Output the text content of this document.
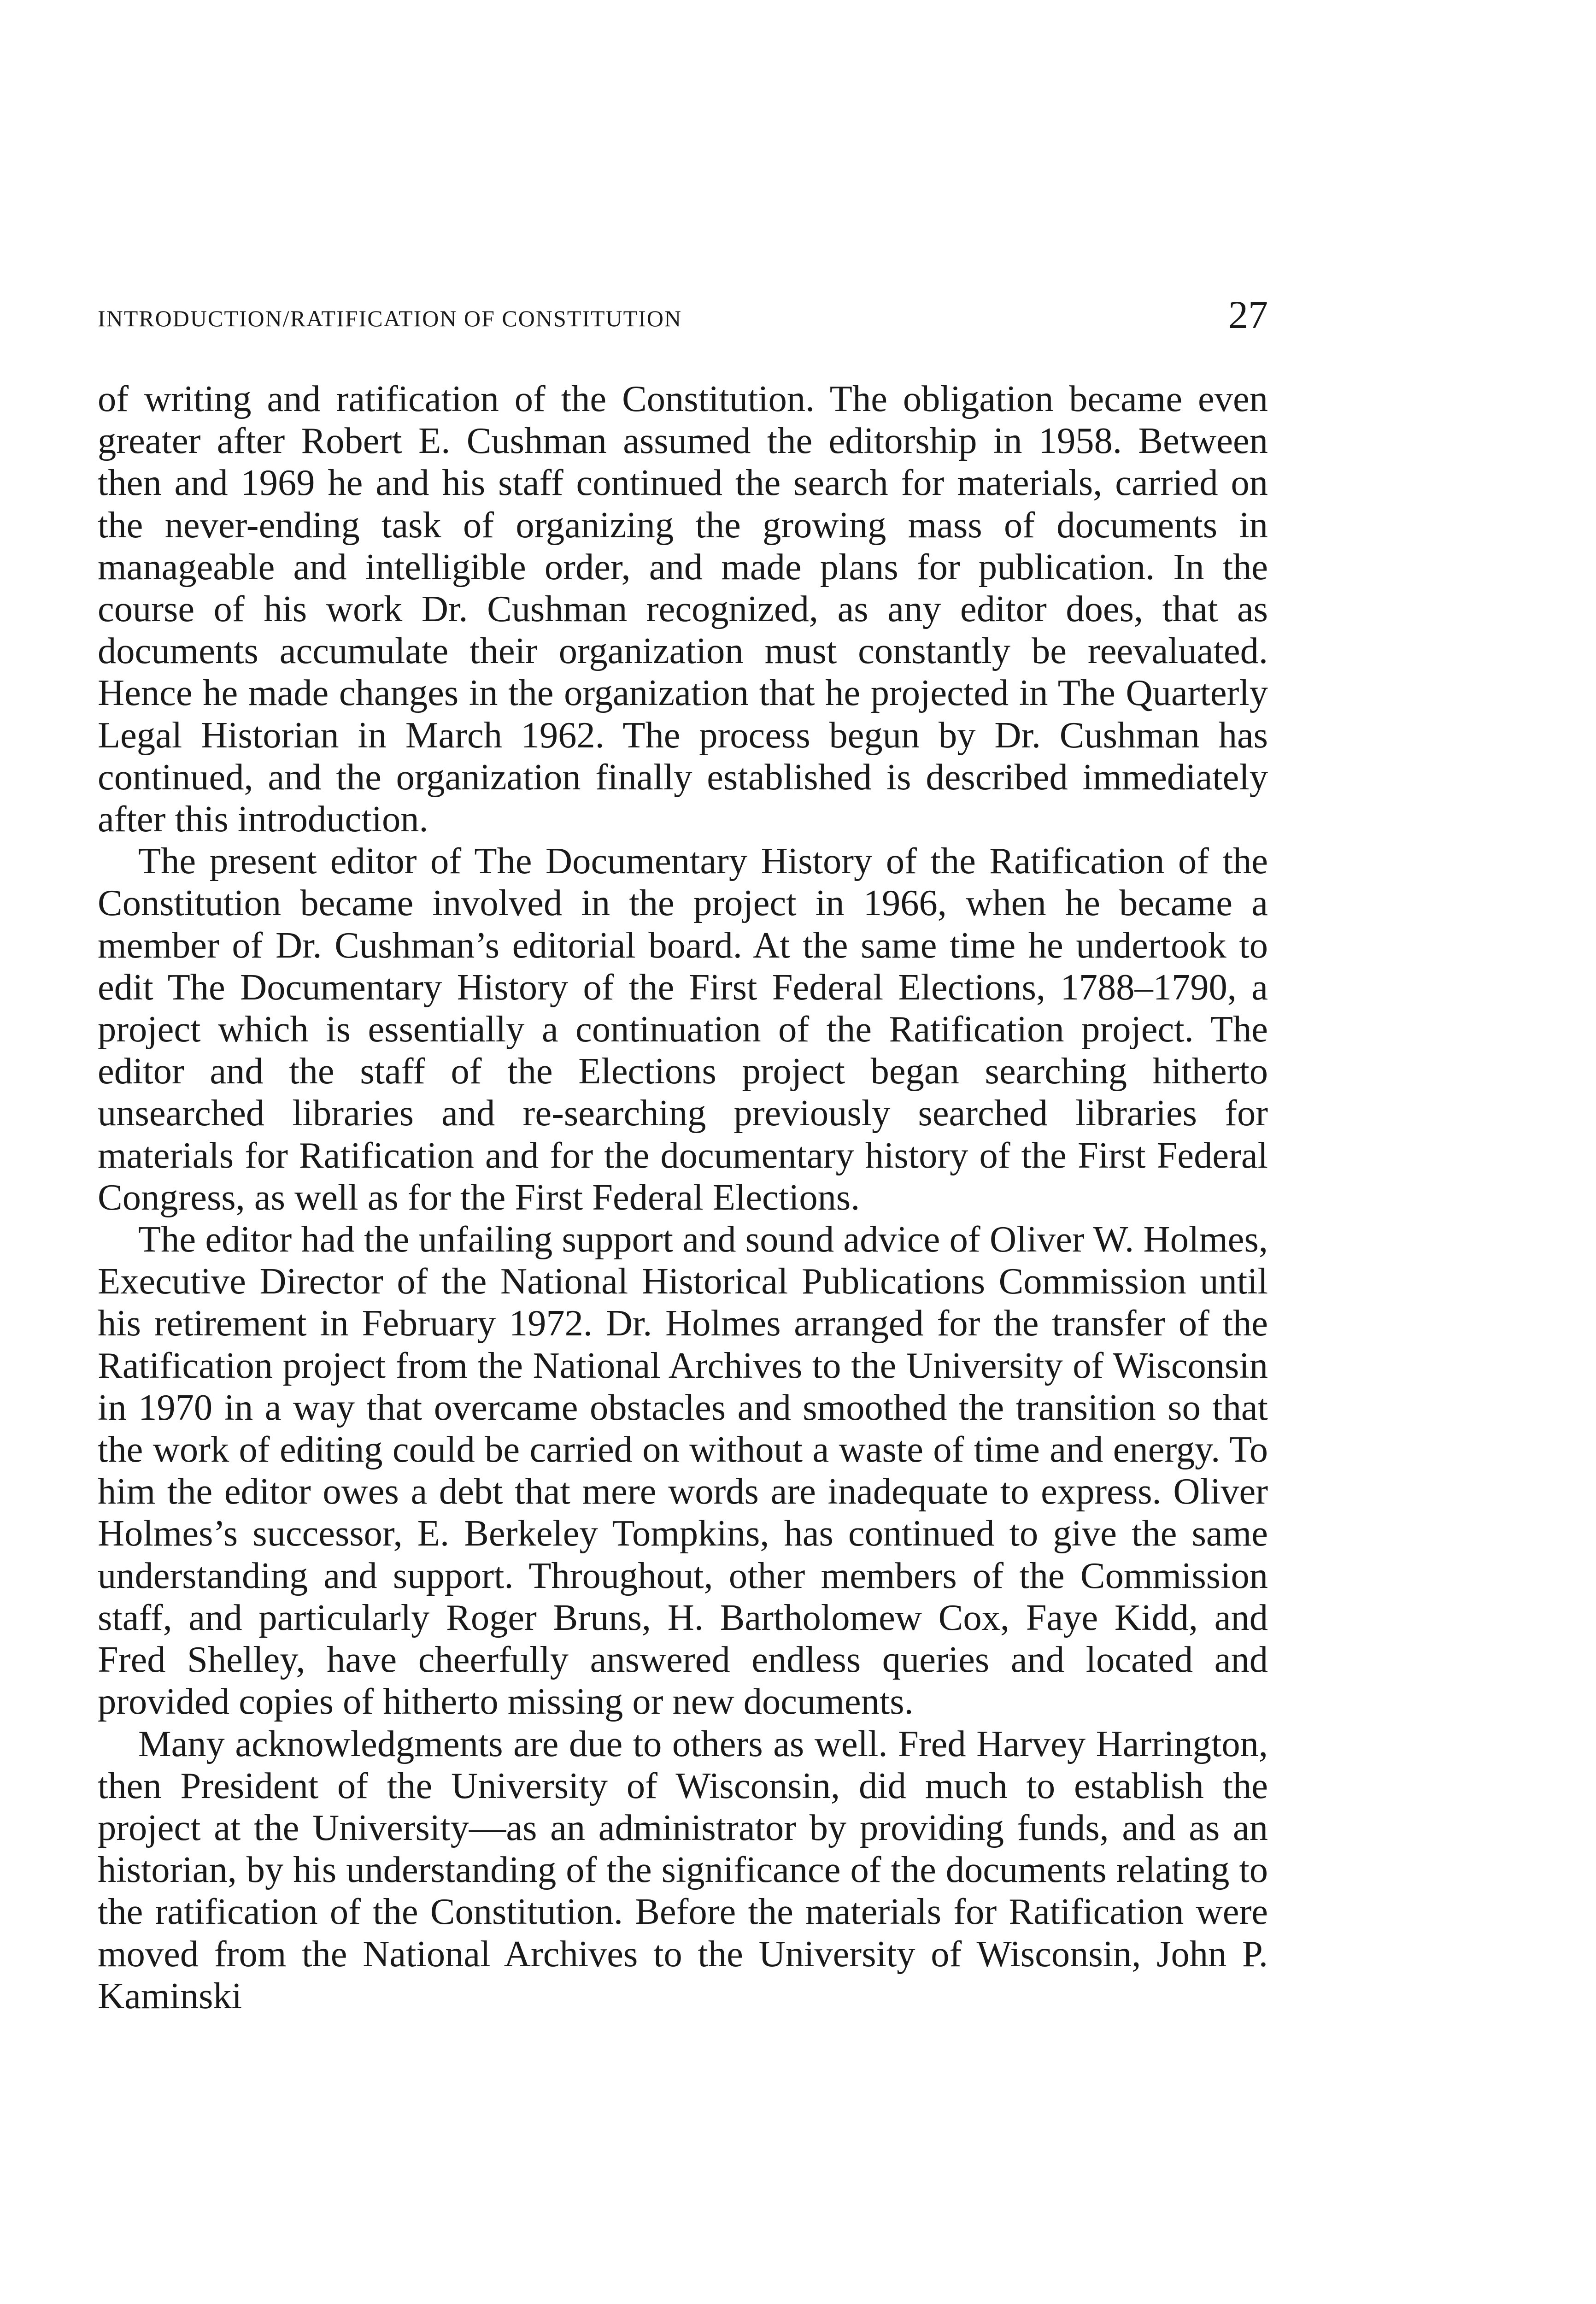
INTRODUCTION/RATIFICATION OF CONSTITUTION	27

of writing and ratification of the Constitution. The obligation became even greater after Robert E. Cushman assumed the editorship in 1958. Between then and 1969 he and his staff continued the search for materials, carried on the never-ending task of organizing the growing mass of documents in manageable and intelligible order, and made plans for publication. In the course of his work Dr. Cushman recognized, as any editor does, that as documents accumulate their organization must constantly be reevaluated. Hence he made changes in the organization that he projected in The Quarterly Legal Historian in March 1962. The process begun by Dr. Cushman has continued, and the organization finally established is described immediately after this introduction.

The present editor of The Documentary History of the Ratification of the Constitution became involved in the project in 1966, when he became a member of Dr. Cushman’s editorial board. At the same time he undertook to edit The Documentary History of the First Federal Elections, 1788–1790, a project which is essentially a continuation of the Ratification project. The editor and the staff of the Elections project began searching hitherto unsearched libraries and re-searching previously searched libraries for materials for Ratification and for the documentary history of the First Federal Congress, as well as for the First Federal Elections.

The editor had the unfailing support and sound advice of Oliver W. Holmes, Executive Director of the National Historical Publications Commission until his retirement in February 1972. Dr. Holmes arranged for the transfer of the Ratification project from the National Archives to the University of Wisconsin in 1970 in a way that overcame obstacles and smoothed the transition so that the work of editing could be carried on without a waste of time and energy. To him the editor owes a debt that mere words are inadequate to express. Oliver Holmes’s successor, E. Berkeley Tompkins, has continued to give the same understanding and support. Throughout, other members of the Commission staff, and particularly Roger Bruns, H. Bartholomew Cox, Faye Kidd, and Fred Shelley, have cheerfully answered endless queries and located and provided copies of hitherto missing or new documents.

Many acknowledgments are due to others as well. Fred Harvey Harrington, then President of the University of Wisconsin, did much to establish the project at the University—as an administrator by providing funds, and as an historian, by his understanding of the significance of the documents relating to the ratification of the Constitution. Before the materials for Ratification were moved from the National Archives to the University of Wisconsin, John P. Kaminski
